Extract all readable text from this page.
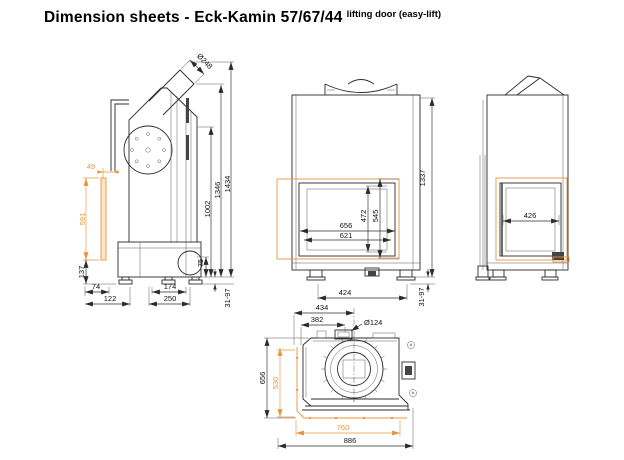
Dimension sheets - Eck-Kamin 57/67/44 $^{lifting door (easy-lift)}$
Ø248
49
591
137
74
122
174
250
75
1002
1346 1434
31-97
656
621
472 545
424
1337
31-97
426
434
382	Ø124
656 530
760
886
